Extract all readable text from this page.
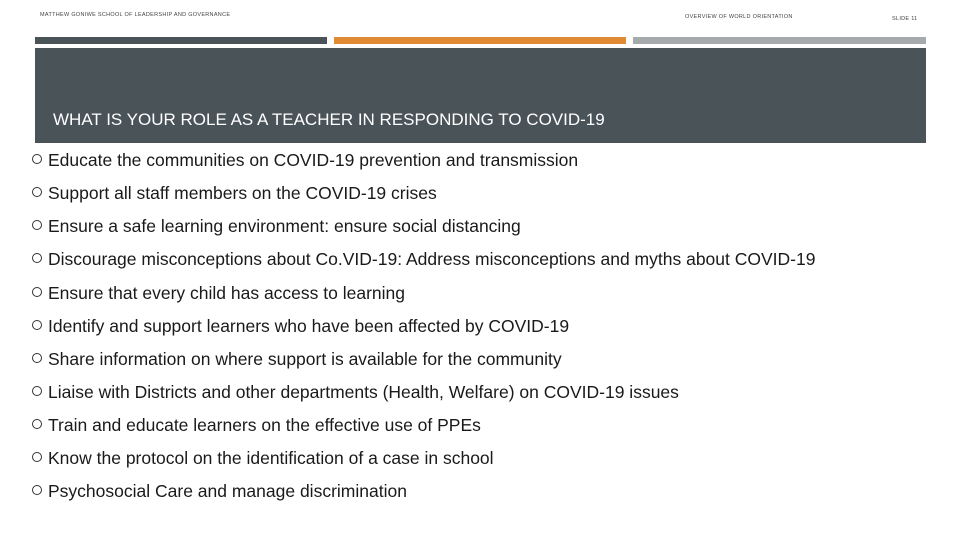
MATTHEW GONIWE SCHOOL OF LEADERSHIP AND GOVERNANCE	OVERVIEW OF WORLD ORIENTATION	SLIDE 11
WHAT IS YOUR ROLE AS A TEACHER IN RESPONDING TO COVID-19
Educate the communities on COVID-19 prevention and transmission
Support all staff members on the COVID-19 crises
Ensure a safe learning environment: ensure social distancing
Discourage misconceptions about Co.VID-19: Address misconceptions and myths about COVID-19
Ensure that every child has access to learning
Identify and support learners who have been affected by COVID-19
Share information on where support is available for the community
Liaise with Districts and other departments (Health, Welfare) on COVID-19 issues
Train and educate learners on the effective use of PPEs
Know the protocol on the identification of a case in school
Psychosocial Care and manage discrimination
